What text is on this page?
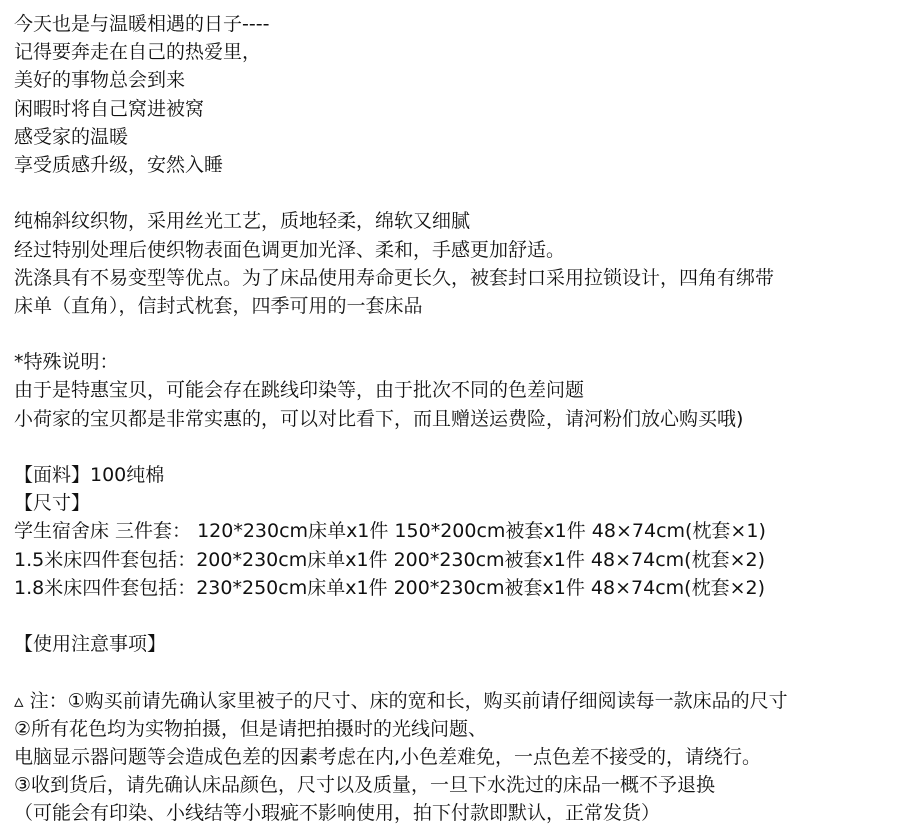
今天也是与温暖相遇的日子----
记得要奔走在自己的热爱里，
美好的事物总会到来
闲暇时将自己窝进被窝
感受家的温暖
享受质感升级，安然入睡
纯棉斜纹织物，采用丝光工艺，质地轻柔，绵软又细腻
经过特别处理后使织物表面色调更加光泽、柔和，手感更加舒适。
洗涤具有不易变型等优点。为了床品使用寿命更长久，被套封口采用拉锁设计，四角有绑带
床单（直角），信封式枕套，四季可用的一套床品
*特殊说明：
由于是特惠宝贝，可能会存在跳线印染等，由于批次不同的色差问题
小荷家的宝贝都是非常实惠的，可以对比看下，而且赠送运费险，请河粉们放心购买哦)
【面料】100纯棉
【尺寸】
学生宿舍床 三件套： 120*230cm床单x1件 150*200cm被套x1件 48×74cm(枕套×1)
1.5米床四件套包括：200*230cm床单x1件 200*230cm被套x1件 48×74cm(枕套×2)
1.8米床四件套包括：230*250cm床单x1件 200*230cm被套x1件 48×74cm(枕套×2)
【使用注意事项】
▵ 注：①购买前请先确认家里被子的尺寸、床的宽和长，购买前请仔细阅读每一款床品的尺寸
②所有花色均为实物拍摄，但是请把拍摄时的光线问题、
电脑显示器问题等会造成色差的因素考虑在内,小色差难免，一点色差不接受的，请绕行。
③收到货后，请先确认床品颜色，尺寸以及质量，一旦下水洗过的床品一概不予退换
（可能会有印染、小线结等小瑕疵不影响使用，拍下付款即默认，正常发货）
